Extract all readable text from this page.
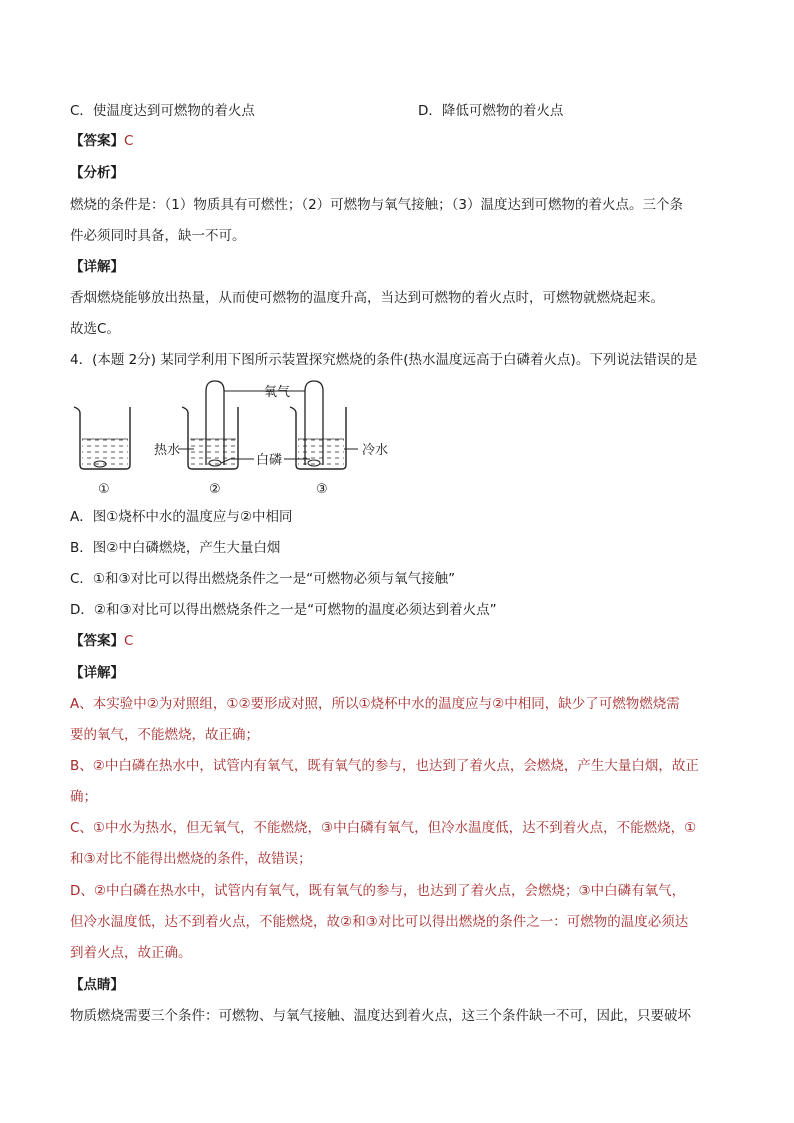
C．使温度达到可燃物的着火点	D．降低可燃物的着火点
【答案】C
【分析】
燃烧的条件是：（1）物质具有可燃性；（2）可燃物与氧气接触；（3）温度达到可燃物的着火点。三个条
件必须同时具备，缺一不可。
【详解】
香烟燃烧能够放出热量，从而使可燃物的温度升高，当达到可燃物的着火点时，可燃物就燃烧起来。
故选C。
4．(本题 2分) 某同学利用下图所示装置探究燃烧的条件(热水温度远高于白磷着火点)。下列说法错误的是
氧气
热水
白磷
冷水
①	②	③
A．图①烧杯中水的温度应与②中相同
B．图②中白磷燃烧，产生大量白烟
C．①和③对比可以得出燃烧条件之一是“可燃物必须与氧气接触”
D．②和③对比可以得出燃烧条件之一是“可燃物的温度必须达到着火点”
【答案】C
【详解】
A、本实验中②为对照组，①②要形成对照，所以①烧杯中水的温度应与②中相同，缺少了可燃物燃烧需
要的氧气，不能燃烧，故正确；
B、②中白磷在热水中，试管内有氧气，既有氧气的参与，也达到了着火点，会燃烧，产生大量白烟，故正
确；
C、①中水为热水，但无氧气，不能燃烧，③中白磷有氧气，但冷水温度低，达不到着火点，不能燃烧，①
和③对比不能得出燃烧的条件，故错误；
D、②中白磷在热水中，试管内有氧气，既有氧气的参与，也达到了着火点，会燃烧；③中白磷有氧气，
但冷水温度低，达不到着火点，不能燃烧，故②和③对比可以得出燃烧的条件之一：可燃物的温度必须达
到着火点，故正确。
【点睛】
物质燃烧需要三个条件：可燃物、与氧气接触、温度达到着火点，这三个条件缺一不可，因此，只要破坏
